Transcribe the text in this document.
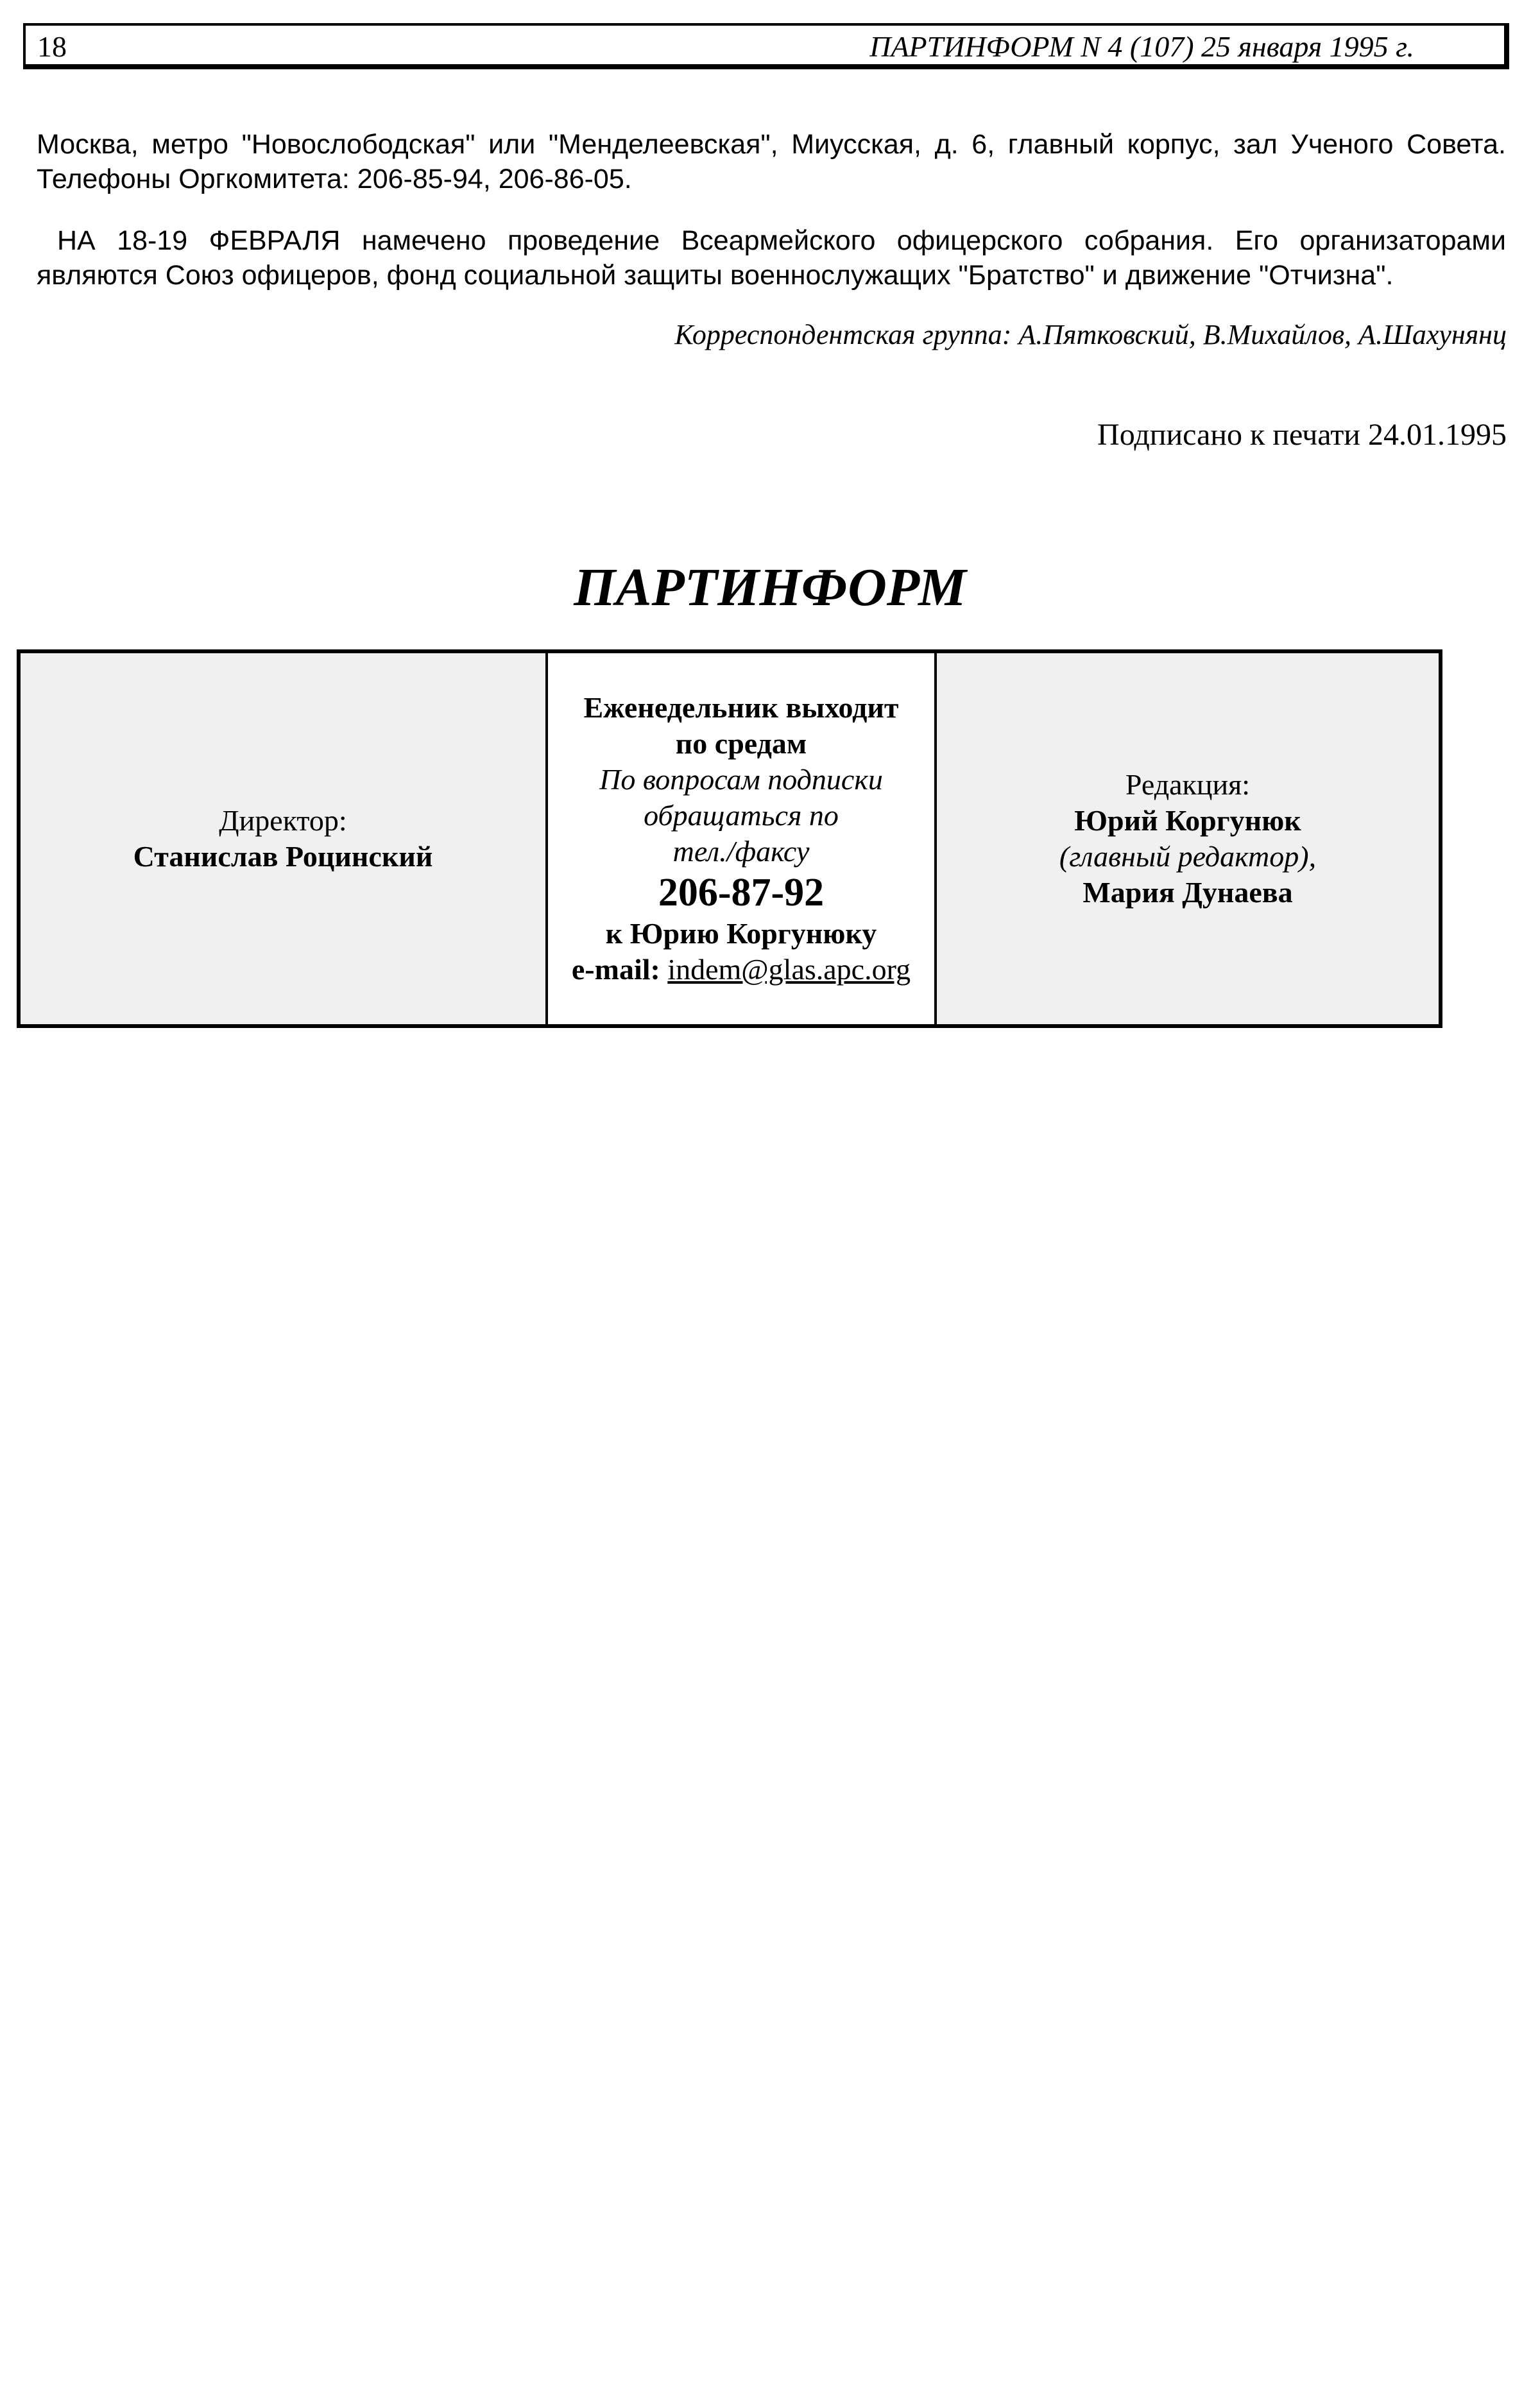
18	ПАРТИНФОРМ N 4 (107) 25 января 1995 г.

Москва, метро "Новослободская" или "Менделеевская", Миусская, д. 6, главный корпус, зал Ученого Совета. Телефоны Оргкомитета: 206-85-94, 206-86-05.

НА 18-19 ФЕВРАЛЯ намечено проведение Всеармейского офицерского собрания. Его организаторами являются Союз офицеров, фонд социальной защиты военнослужащих "Братство" и движение "Отчизна".

Корреспондентская группа: А.Пятковский, В.Михайлов, А.Шахунянц
Подписано к печати 24.01.1995
ПАРТИНФОРМ
Директор:
Станислав Роцинский
Еженедельник выходит
по средам
По вопросам подписки
обращаться по
тел./факсу
206-87-92
к Юрию Коргунюку
e-mail: indem@glas.apc.org
Редакция:
Юрий Коргунюк
(главный редактор),
Мария Дунаева
